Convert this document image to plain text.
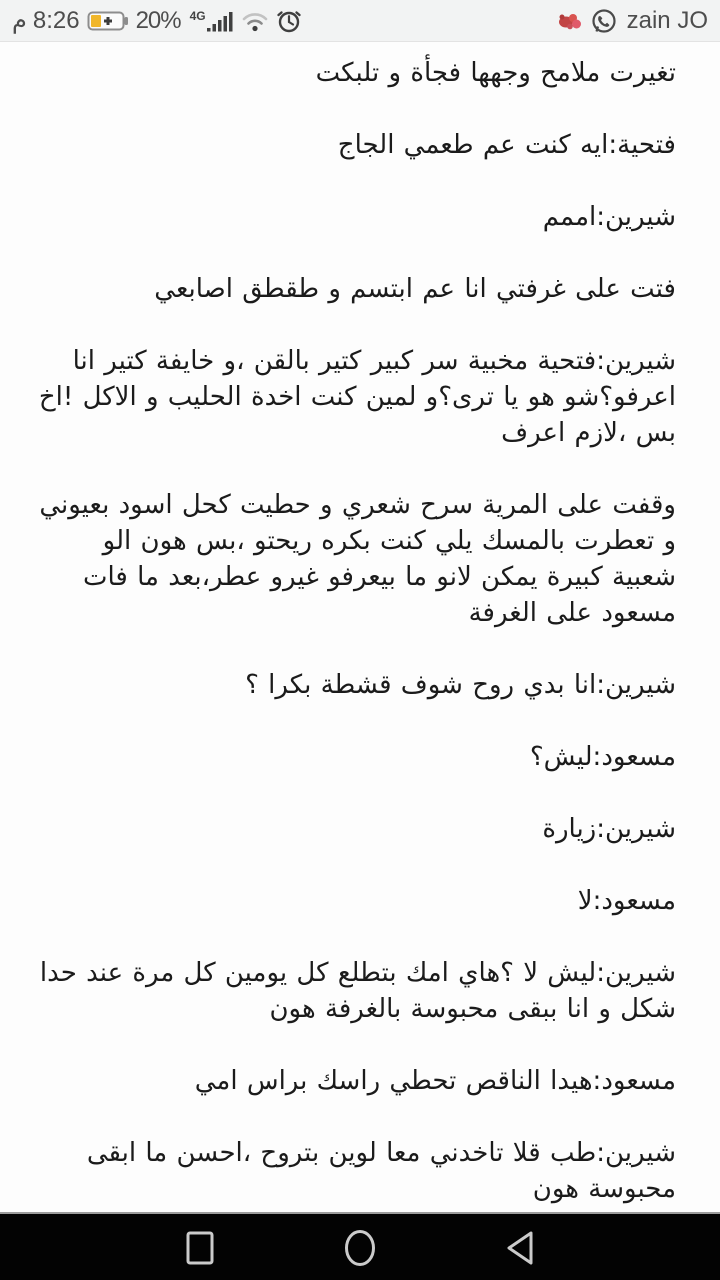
م 8:26 20% 4G	zain JO

تغيرت ملامح وجهها فجأة و تلبكت

فتحية:ايه كنت عم طعمي الجاج

شيرين:اممم

فتت على غرفتي انا عم ابتسم و طقطق اصابعي

شيرين:فتحية مخبية سر كبير كتير بالقن ،و خايفة كتير انا اعرفو؟شو هو يا ترى؟و لمين كنت اخدة الحليب و الاكل !اخ بس ،لازم اعرف

وقفت على المرية سرح شعري و حطيت كحل اسود بعيوني و تعطرت بالمسك يلي كنت بكره ريحتو ،بس هون الو شعبية كبيرة يمكن لانو ما بيعرفو غيرو عطر،بعد ما فات مسعود على الغرفة

شيرين:انا بدي روح شوف قشطة بكرا ؟

مسعود:ليش؟

شيرين:زيارة

مسعود:لا

شيرين:ليش لا ؟هاي امك بتطلع كل يومين كل مرة عند حدا شكل و انا ببقى محبوسة بالغرفة هون

مسعود:هيدا الناقص تحطي راسك براس امي

شيرين:طب قلا تاخدني معا لوين بتروح ،احسن ما ابقى محبوسة هون
